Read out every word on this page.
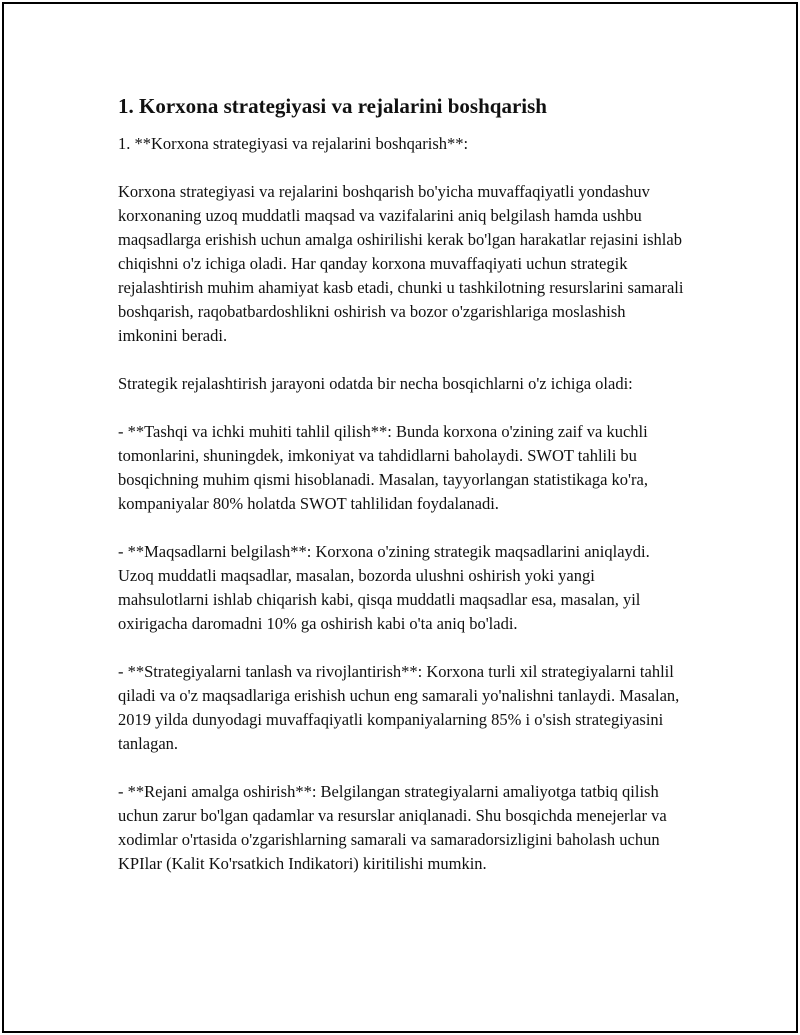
1. Korxona strategiyasi va rejalarini boshqarish

1. **Korxona strategiyasi va rejalarini boshqarish**:

Korxona strategiyasi va rejalarini boshqarish bo'yicha muvaffaqiyatli yondashuv korxonaning uzoq muddatli maqsad va vazifalarini aniq belgilash hamda ushbu maqsadlarga erishish uchun amalga oshirilishi kerak bo'lgan harakatlar rejasini ishlab chiqishni o'z ichiga oladi. Har qanday korxona muvaffaqiyati uchun strategik rejalashtirish muhim ahamiyat kasb etadi, chunki u tashkilotning resurslarini samarali boshqarish, raqobatbardoshlikni oshirish va bozor o'zgarishlariga moslashish imkonini beradi.

Strategik rejalashtirish jarayoni odatda bir necha bosqichlarni o'z ichiga oladi:

- **Tashqi va ichki muhiti tahlil qilish**: Bunda korxona o'zining zaif va kuchli tomonlarini, shuningdek, imkoniyat va tahdidlarni baholaydi. SWOT tahlili bu bosqichning muhim qismi hisoblanadi. Masalan, tayyorlangan statistikaga ko'ra, kompaniyalar 80% holatda SWOT tahlilidan foydalanadi.

- **Maqsadlarni belgilash**: Korxona o'zining strategik maqsadlarini aniqlaydi. Uzoq muddatli maqsadlar, masalan, bozorda ulushni oshirish yoki yangi mahsulotlarni ishlab chiqarish kabi, qisqa muddatli maqsadlar esa, masalan, yil oxirigacha daromadni 10% ga oshirish kabi o'ta aniq bo'ladi.

- **Strategiyalarni tanlash va rivojlantirish**: Korxona turli xil strategiyalarni tahlil qiladi va o'z maqsadlariga erishish uchun eng samarali yo'nalishni tanlaydi. Masalan, 2019 yilda dunyodagi muvaffaqiyatli kompaniyalarning 85% i o'sish strategiyasini tanlagan.

- **Rejani amalga oshirish**: Belgilangan strategiyalarni amaliyotga tatbiq qilish uchun zarur bo'lgan qadamlar va resurslar aniqlanadi. Shu bosqichda menejerlar va xodimlar o'rtasida o'zgarishlarning samarali va samaradorsizligini baholash uchun KPIlar (Kalit Ko'rsatkich Indikatori) kiritilishi mumkin.
